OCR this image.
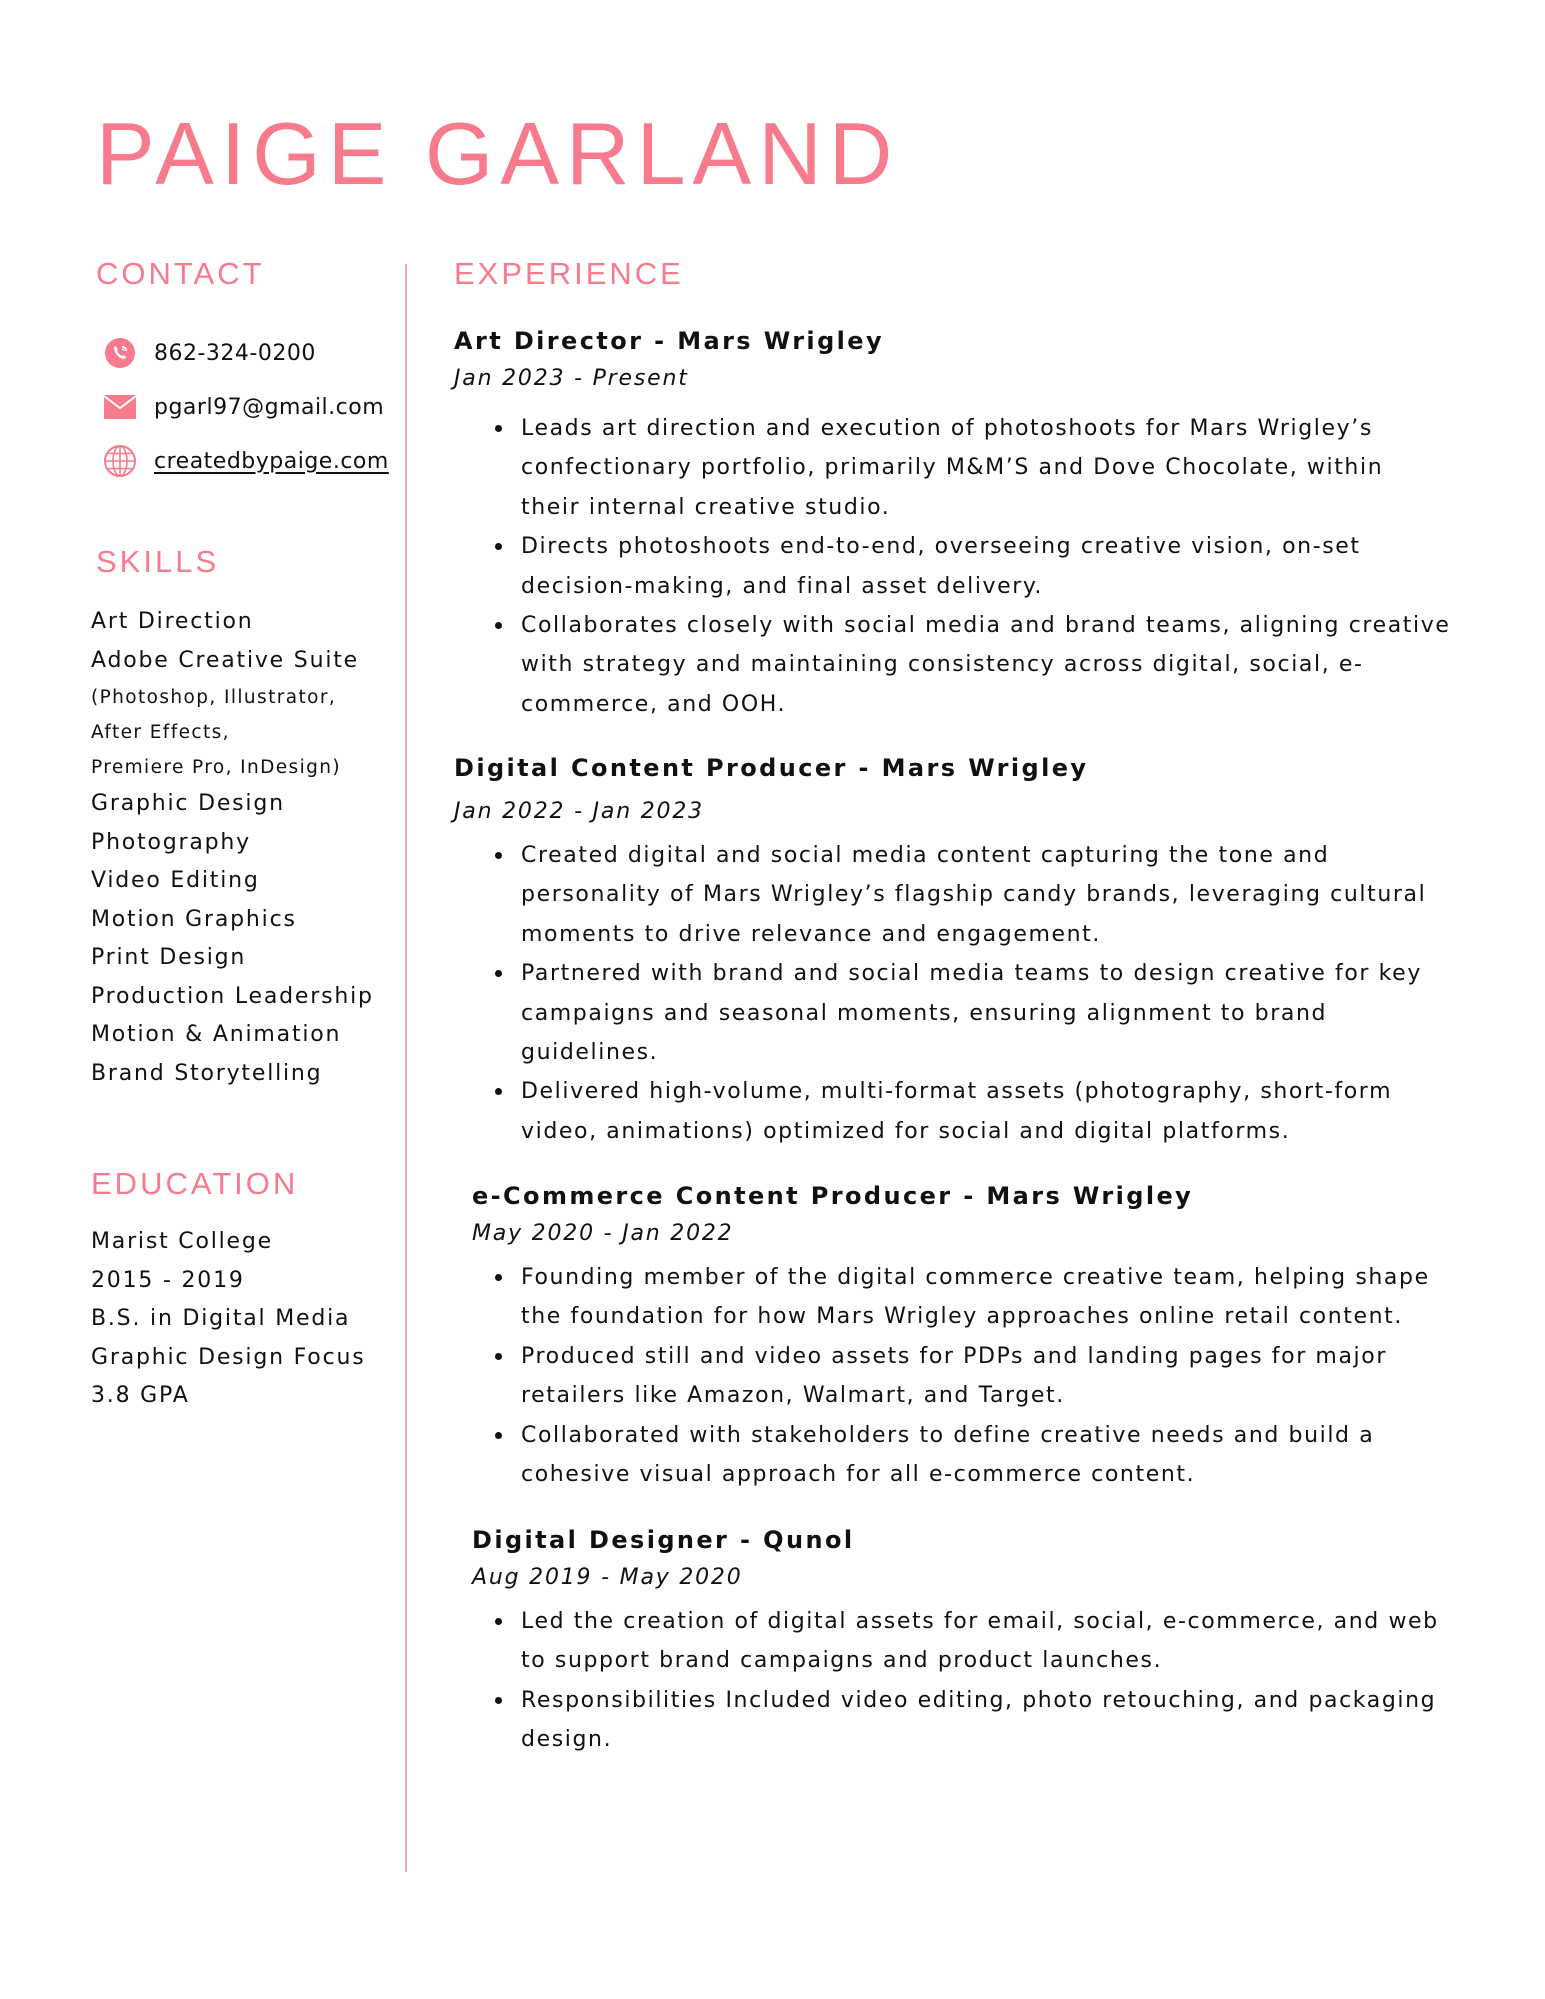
PAIGE GARLAND
CONTACT
862-324-0200
pgarl97@gmail.com
createdbypaige.com
SKILLS
Art Direction
Adobe Creative Suite
(Photoshop, Illustrator,
After Effects,
Premiere Pro, InDesign)
Graphic Design
Photography
Video Editing
Motion Graphics
Print Design
Production Leadership
Motion & Animation
Brand Storytelling
EDUCATION
Marist College
2015 - 2019
B.S. in Digital Media
Graphic Design Focus
3.8 GPA
EXPERIENCE
Art Director - Mars Wrigley

Jan 2023 - Present

Leads art direction and execution of photoshoots for Mars Wrigley’s confectionary portfolio, primarily M&M’S and Dove Chocolate, within their internal creative studio.
Directs photoshoots end-to-end, overseeing creative vision, on-set decision-making, and final asset delivery.
Collaborates closely with social media and brand teams, aligning creative with strategy and maintaining consistency across digital, social, e-commerce, and OOH.
Digital Content Producer - Mars Wrigley

Jan 2022 - Jan 2023

Created digital and social media content capturing the tone and personality of Mars Wrigley’s flagship candy brands, leveraging cultural moments to drive relevance and engagement.
Partnered with brand and social media teams to design creative for key campaigns and seasonal moments, ensuring alignment to brand guidelines.
Delivered high-volume, multi-format assets (photography, short-form video, animations) optimized for social and digital platforms.
e-Commerce Content Producer - Mars Wrigley

May 2020 - Jan 2022

Founding member of the digital commerce creative team, helping shape the foundation for how Mars Wrigley approaches online retail content.
Produced still and video assets for PDPs and landing pages for major retailers like Amazon, Walmart, and Target.
Collaborated with stakeholders to define creative needs and build a cohesive visual approach for all e-commerce content.
Digital Designer - Qunol

Aug 2019 - May 2020

Led the creation of digital assets for email, social, e-commerce, and web to support brand campaigns and product launches.
Responsibilities Included video editing, photo retouching, and packaging design.
